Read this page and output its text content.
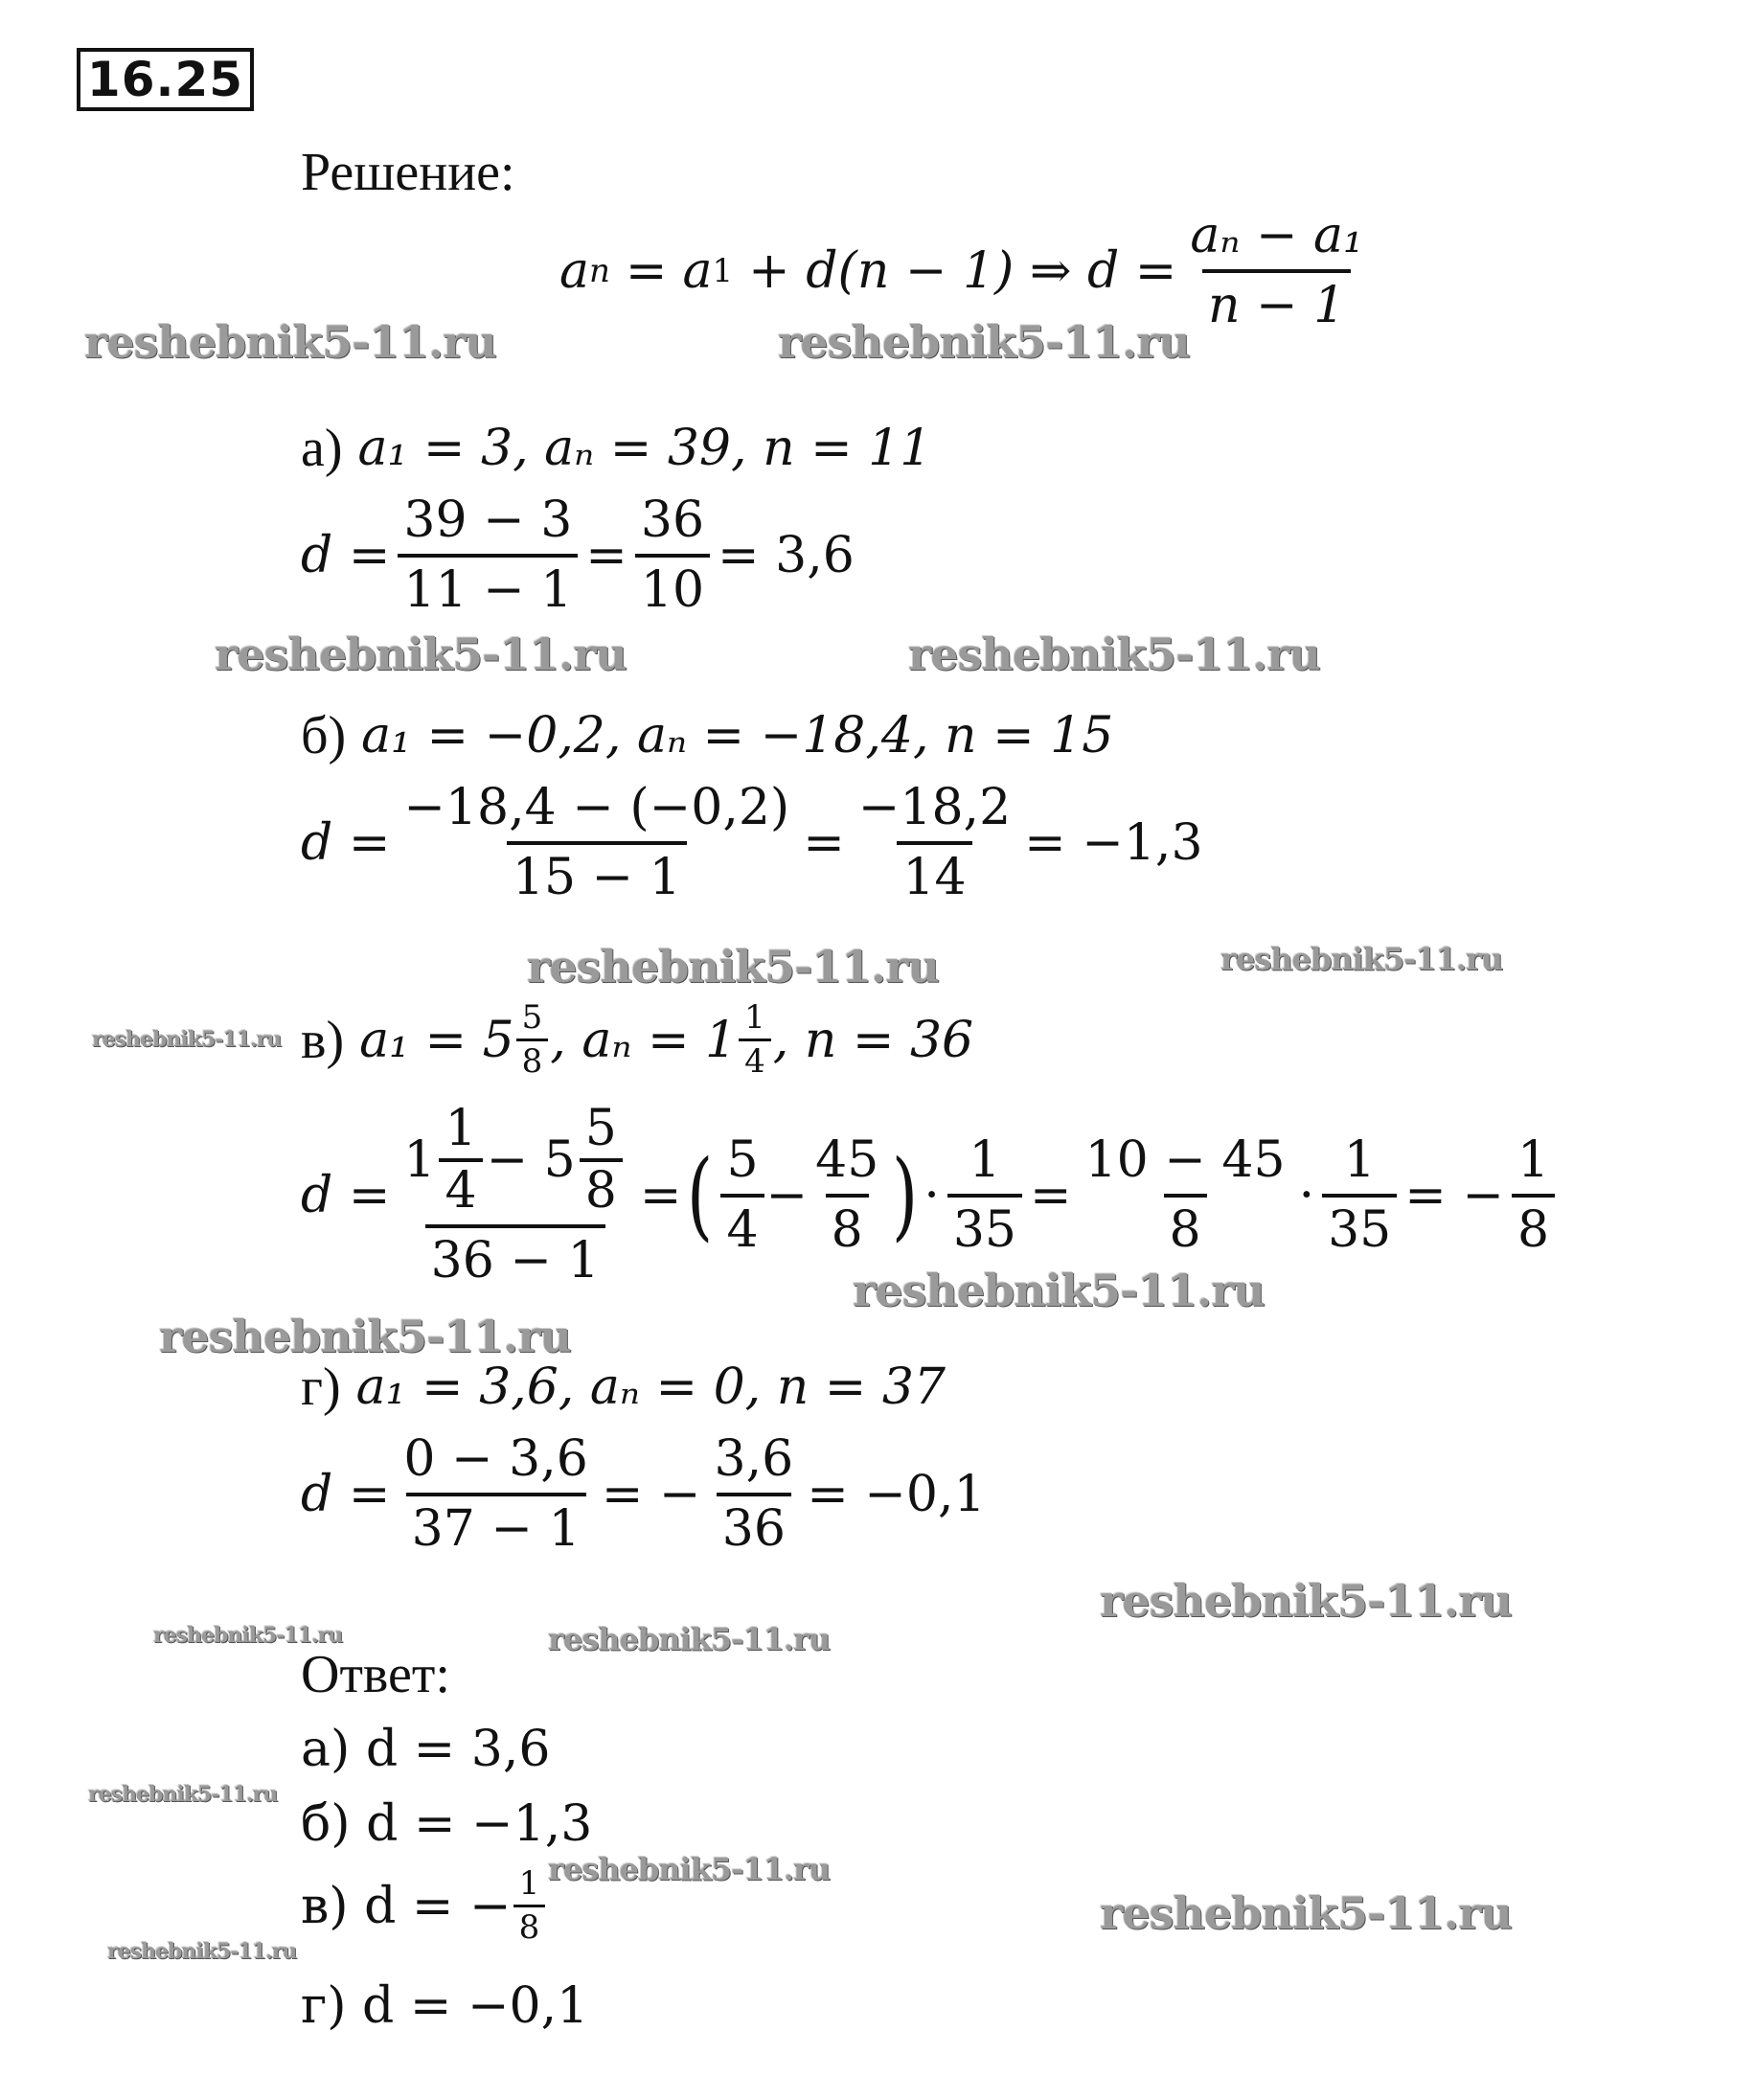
16.25
Решение:
a n = a 1 + d(n − 1) ⇒ $d = \frac{\text{aₙ − a₁}}{n - 1}$
а) a₁ = 3, aₙ = 39, n = 11
$d = \frac{39 - 3}{11 - 1} = \frac{36}{10} = 3,6$
б) a₁ = −0,2, aₙ = −18,4, n = 15
$d = \frac{-18,4 - (-0,2)}{15 - 1} = \frac{-18,2}{14} = -1,3$
в) $a_1 = 5 \frac{5}{8}$ , $a_n = 1 \frac{1}{4}$ , n = 36
d =
$1 \frac{1}{4} - 5 \frac{5}{8}$
36 − 1
= ( $\frac{5}{4} - \frac{45}{8}$ ) · $\frac{1}{35} = \frac{10 - 45}{8} \cdot \frac{1}{35}$ = − $\frac{1}{8}$
г) a₁ = 3,6, aₙ = 0, n = 37
$d = \frac{0 - 3,6}{37 - 1}$ = − $\frac{3,6}{36} = -0,1$
Ответ:
а) d = 3,6
б) d = −1,3
в) d = − $\frac{1}{8}$
г) d = −0,1
reshebnik5-11.ru	reshebnik5-11.ru
reshebnik5-11.ru	reshebnik5-11.ru
reshebnik5-11.ru	reshebnik5-11.ru
reshebnik5-11.ru
reshebnik5-11.ru
reshebnik5-11.ru
reshebnik5-11.ru
reshebnik5-11.ru	reshebnik5-11.ru
reshebnik5-11.ru
reshebnik5-11.ru
reshebnik5-11.ru
reshebnik5-11.ru
